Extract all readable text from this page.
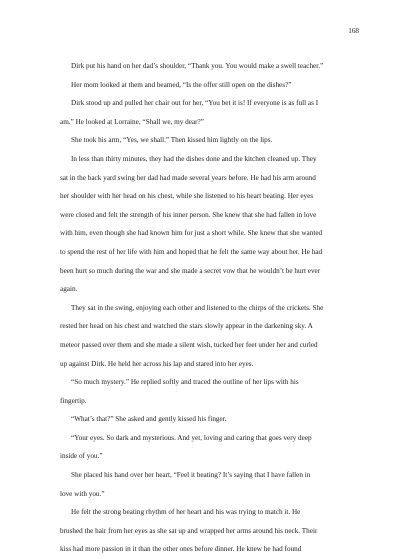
168

Dirk put his hand on her dad’s shoulder, “Thank you. You would make a swell teacher.”

Her mom looked at them and beamed, “Is the offer still open on the dishes?”

Dirk stood up and pulled her chair out for her, “You bet it is! If everyone is as full as I
am.” He looked at Lorraine, “Shall we, my dear?”

She took his arm, “Yes, we shall.” Then kissed him lightly on the lips.

In less than thirty minutes, they had the dishes done and the kitchen cleaned up. They
sat in the back yard swing her dad had made several years before. He had his arm around
her shoulder with her head on his chest, while she listened to his heart beating. Her eyes
were closed and felt the strength of his inner person. She knew that she had fallen in love
with him, even though she had known him for just a short while. She knew that she wanted
to spend the rest of her life with him and hoped that he felt the same way about her. He had
been hurt so much during the war and she made a secret vow that he wouldn’t be hurt ever
again.

They sat in the swing, enjoying each other and listened to the chirps of the crickets. She
rested her head on his chest and watched the stars slowly appear in the darkening sky. A
meteor passed over them and she made a silent wish, tucked her feet under her and curled
up against Dirk. He held her across his lap and stared into her eyes.

“So much mystery.” He replied softly and traced the outline of her lips with his
fingertip.

“What’s that?” She asked and gently kissed his finger.

“Your eyes. So dark and mysterious. And yet, loving and caring that goes very deep
inside of you.”

She placed his hand over her heart, “Feel it beating? It’s saying that I have fallen in
love with you.”

He felt the strong beating rhythm of her heart and his was trying to match it. He
brushed the hair from her eyes as she sat up and wrapped her arms around his neck. Their
kiss had more passion in it than the other ones before dinner. He knew he had found
